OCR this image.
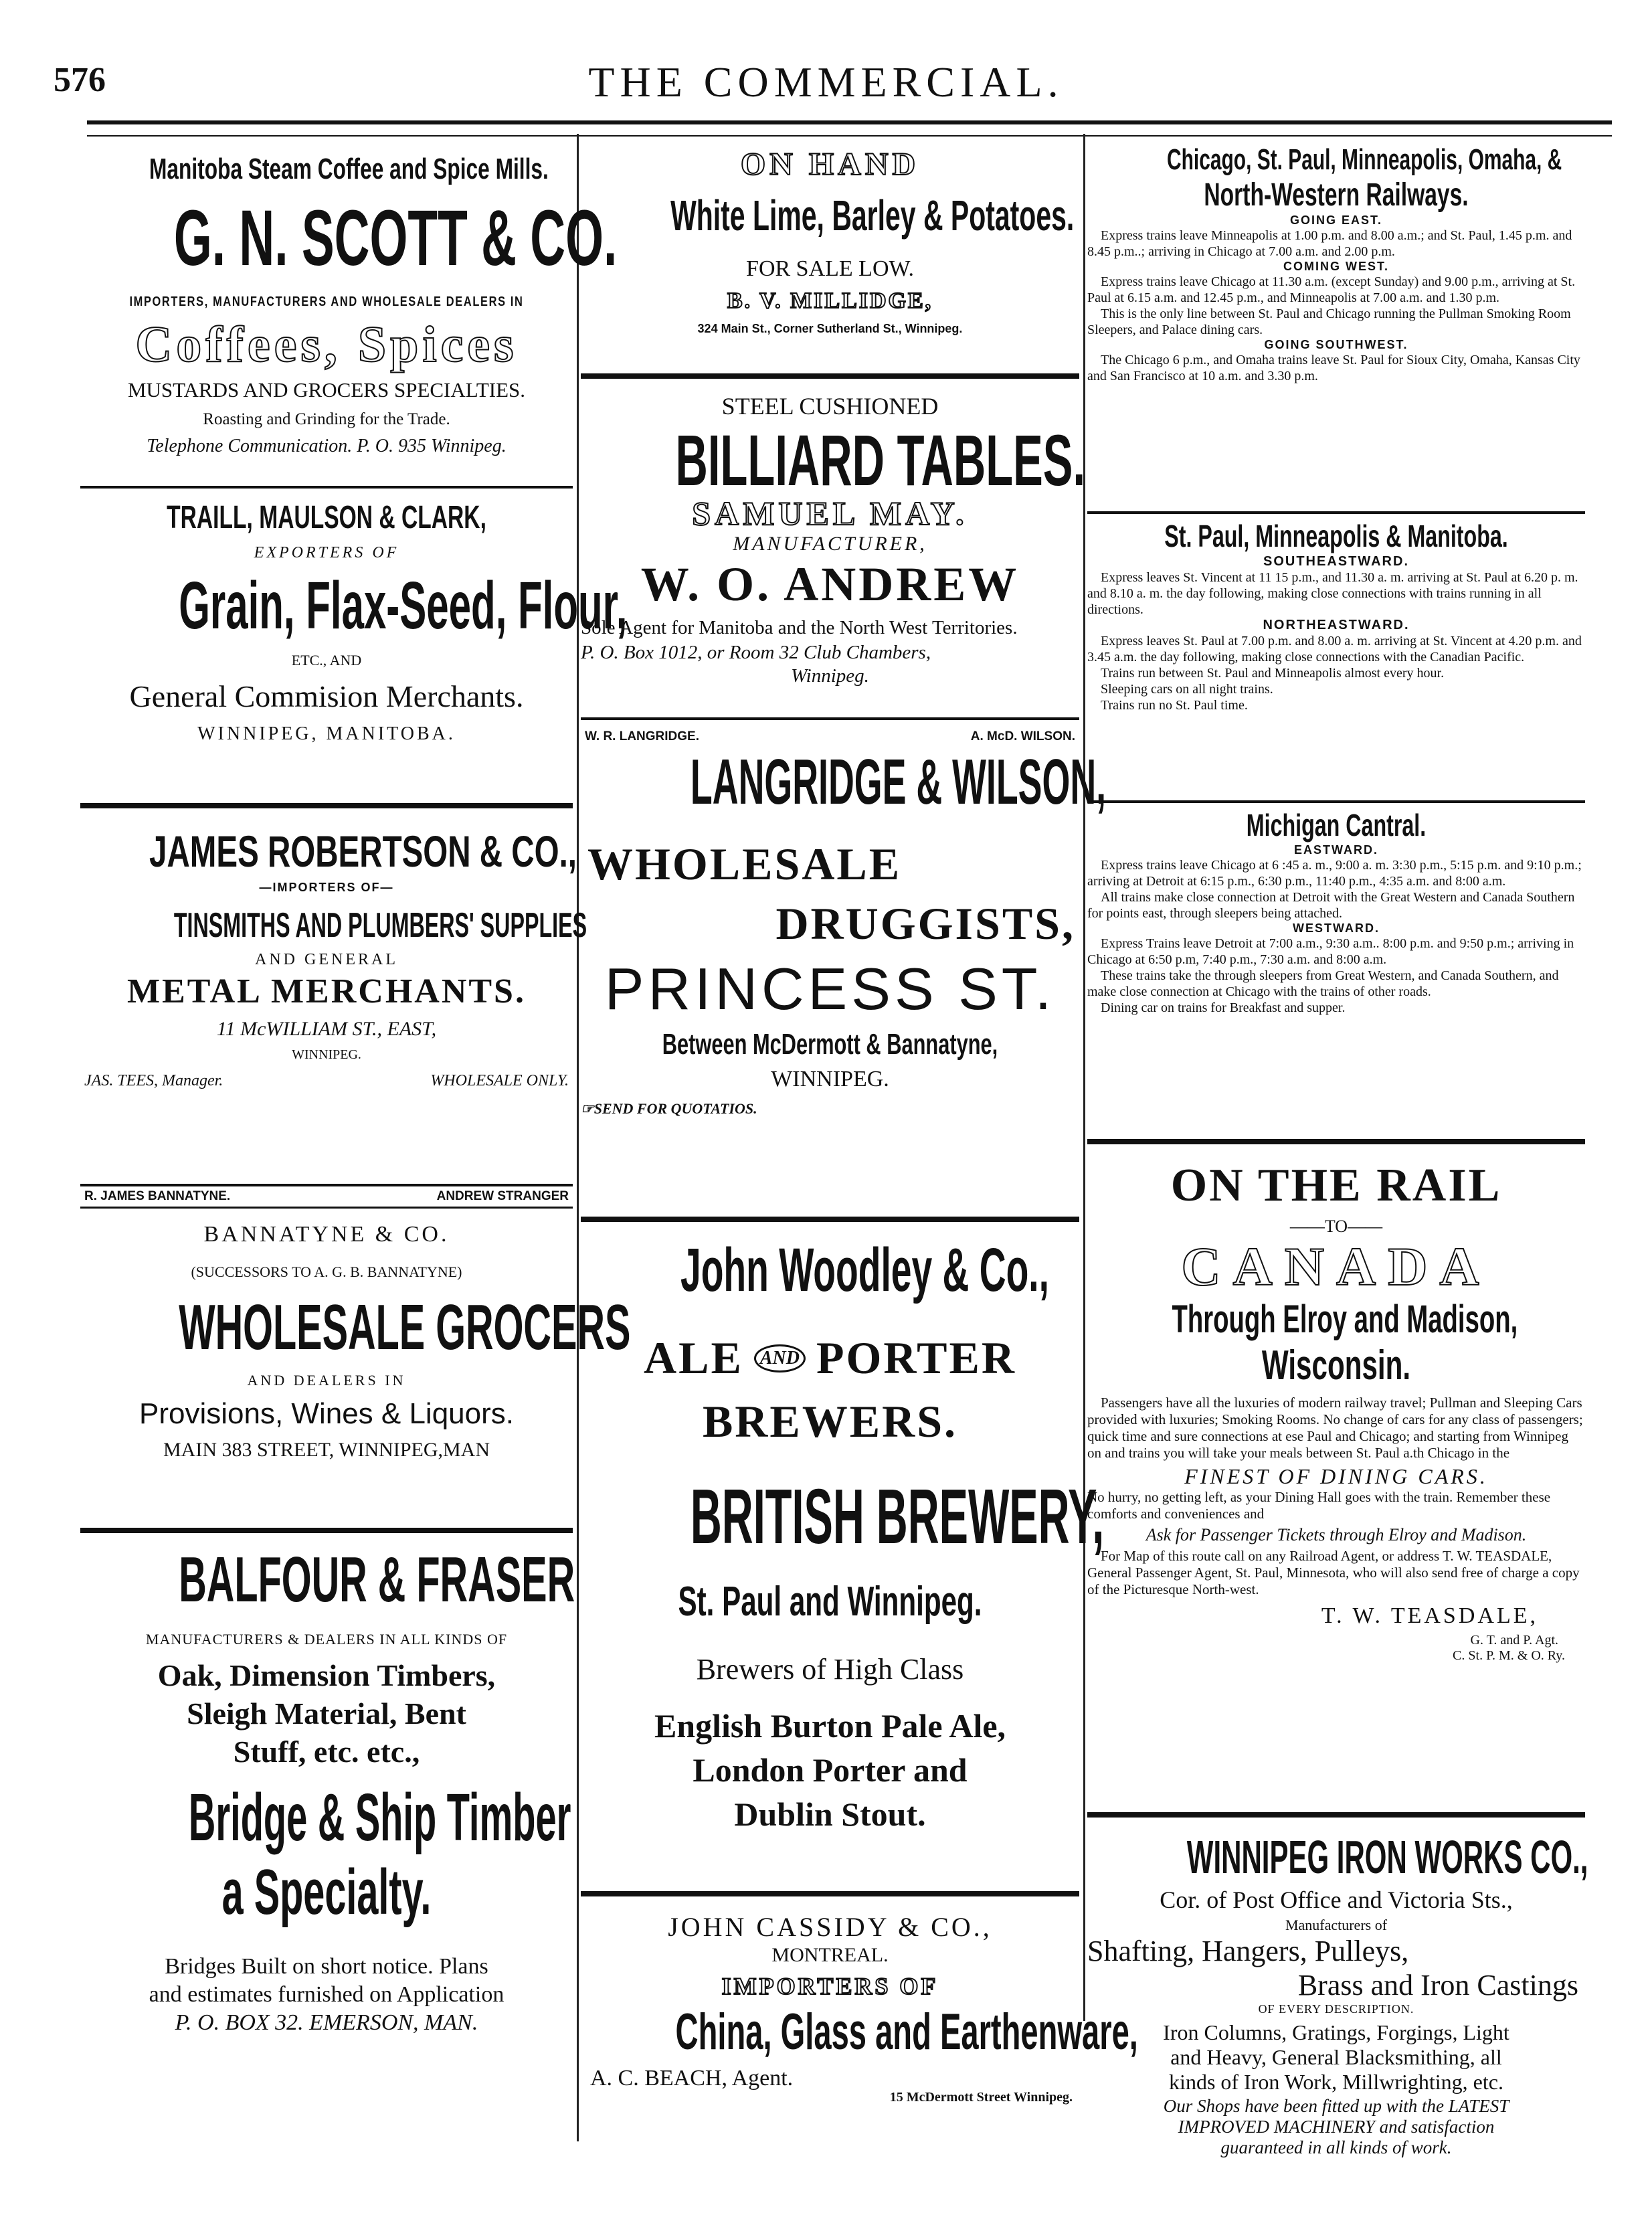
576	THE COMMERCIAL.
Manitoba Steam Coffee and Spice Mills.
G. N. SCOTT & CO.
IMPORTERS, MANUFACTURERS AND WHOLESALE DEALERS IN
Coffees, Spices
MUSTARDS AND GROCERS SPECIALTIES.
Roasting and Grinding for the Trade.
Telephone Communication. P. O. 935 Winnipeg.
TRAILL, MAULSON & CLARK,
EXPORTERS OF
Grain, Flax-Seed, Flour,
ETC., AND
General Commision Merchants.
WINNIPEG, MANITOBA.
JAMES ROBERTSON & CO.,
—IMPORTERS OF—
TINSMITHS AND PLUMBERS' SUPPLIES
AND GENERAL
METAL MERCHANTS.
11 McWILLIAM ST., EAST,
WINNIPEG.
JAS. TEES, Manager.	WHOLESALE ONLY.
R. JAMES BANNATYNE.	ANDREW STRANGER
BANNATYNE & CO.
(SUCCESSORS TO A. G. B. BANNATYNE)
WHOLESALE GROCERS
AND DEALERS IN
Provisions, Wines & Liquors.
MAIN 383 STREET, WINNIPEG,MAN
BALFOUR & FRASER
MANUFACTURERS & DEALERS IN ALL KINDS OF
Oak, Dimension Timbers,
Sleigh Material, Bent
Stuff, etc. etc.,
Bridge & Ship Timber
a Specialty.
Bridges Built on short notice. Plans
and estimates furnished on Application
P. O. BOX 32. EMERSON, MAN.
ON HAND
White Lime, Barley & Potatoes.
FOR SALE LOW.
B. V. MILLIDGE,
324 Main St., Corner Sutherland St., Winnipeg.
STEEL CUSHIONED
BILLIARD TABLES.
SAMUEL MAY.
MANUFACTURER,
W. O. ANDREW
Sole Agent for Manitoba and the North West Territories.
P. O. Box 1012, or Room 32 Club Chambers,
Winnipeg.
W. R. LANGRIDGE.	A. McD. WILSON.
LANGRIDGE & WILSON,
WHOLESALE
DRUGGISTS,
PRINCESS ST.
Between McDermott & Bannatyne,
WINNIPEG.
☞SEND FOR QUOTATIOS.
John Woodley & Co.,
ALE AND PORTER
BREWERS.
BRITISH BREWERY,
St. Paul and Winnipeg.
Brewers of High Class
English Burton Pale Ale,
London Porter and
Dublin Stout.
JOHN CASSIDY & CO.,
MONTREAL.
IMPORTERS OF
China, Glass and Earthenware,
A. C. BEACH, Agent.
15 McDermott Street Winnipeg.
Chicago, St. Paul, Minneapolis, Omaha, &
North-Western Railways.
GOING EAST.

Express trains leave Minneapolis at 1.00 p.m. and 8.00 a.m.; and St. Paul, 1.45 p.m. and 8.45 p.m..; arriving in Chicago at 7.00 a.m. and 2.00 p.m.

COMING WEST.

Express trains leave Chicago at 11.30 a.m. (except Sunday) and 9.00 p.m., arriving at St. Paul at 6.15 a.m. and 12.45 p.m., and Minneapolis at 7.00 a.m. and 1.30 p.m.

This is the only line between St. Paul and Chicago running the Pullman Smoking Room Sleepers, and Palace dining cars.

GOING SOUTHWEST.

The Chicago 6 p.m., and Omaha trains leave St. Paul for Sioux City, Omaha, Kansas City and San Francisco at 10 a.m. and 3.30 p.m.

St. Paul, Minneapolis & Manitoba.
SOUTHEASTWARD.

Express leaves St. Vincent at 11 15 p.m., and 11.30 a. m. arriving at St. Paul at 6.20 p. m. and 8.10 a. m. the day following, making close connections with trains running in all directions.

NORTHEASTWARD.

Express leaves St. Paul at 7.00 p.m. and 8.00 a. m. arriving at St. Vincent at 4.20 p.m. and 3.45 a.m. the day following, making close connections with the Canadian Pacific.

Trains run between St. Paul and Minneapolis almost every hour.

Sleeping cars on all night trains.

Trains run no St. Paul time.

Michigan Cantral.
EASTWARD.

Express trains leave Chicago at 6 :45 a. m., 9:00 a. m. 3:30 p.m., 5:15 p.m. and 9:10 p.m.; arriving at Detroit at 6:15 p.m., 6:30 p.m., 11:40 p.m., 4:35 a.m. and 8:00 a.m.

All trains make close connection at Detroit with the Great Western and Canada Southern for points east, through sleepers being attached.

WESTWARD.

Express Trains leave Detroit at 7:00 a.m., 9:30 a.m.. 8:00 p.m. and 9:50 p.m.; arriving in Chicago at 6:50 p.m, 7:40 p.m., 7:30 a.m. and 8:00 a.m.

These trains take the through sleepers from Great Western, and Canada Southern, and make close connection at Chicago with the trains of other roads.

Dining car on trains for Breakfast and supper.

ON THE RAIL
——TO——
CANADA
Through Elroy and Madison,
Wisconsin.

Passengers have all the luxuries of modern railway travel; Pullman and Sleeping Cars provided with luxuries; Smoking Rooms. No change of cars for any class of passengers; quick time and sure connections at ese Paul and Chicago; and starting from Winnipeg on and trains you will take your meals between St. Paul a.th Chicago in the

FINEST OF DINING CARS.

No hurry, no getting left, as your Dining Hall goes with the train. Remember these comforts and conveniences and

Ask for Passenger Tickets through Elroy and Madison.

For Map of this route call on any Railroad Agent, or address T. W. TEASDALE, General Passenger Agent, St. Paul, Minnesota, who will also send free of charge a copy of the Picturesque North-west.

T. W. TEASDALE,
G. T. and P. Agt.
C. St. P. M. & O. Ry.
WINNIPEG IRON WORKS CO.,
Cor. of Post Office and Victoria Sts.,
Manufacturers of
Shafting, Hangers, Pulleys,
Brass and Iron Castings
OF EVERY DESCRIPTION.
Iron Columns, Gratings, Forgings, Light
and Heavy, General Blacksmithing, all
kinds of Iron Work, Millwrighting, etc.
Our Shops have been fitted up with the LATEST
IMPROVED MACHINERY and satisfaction
guaranteed in all kinds of work.
